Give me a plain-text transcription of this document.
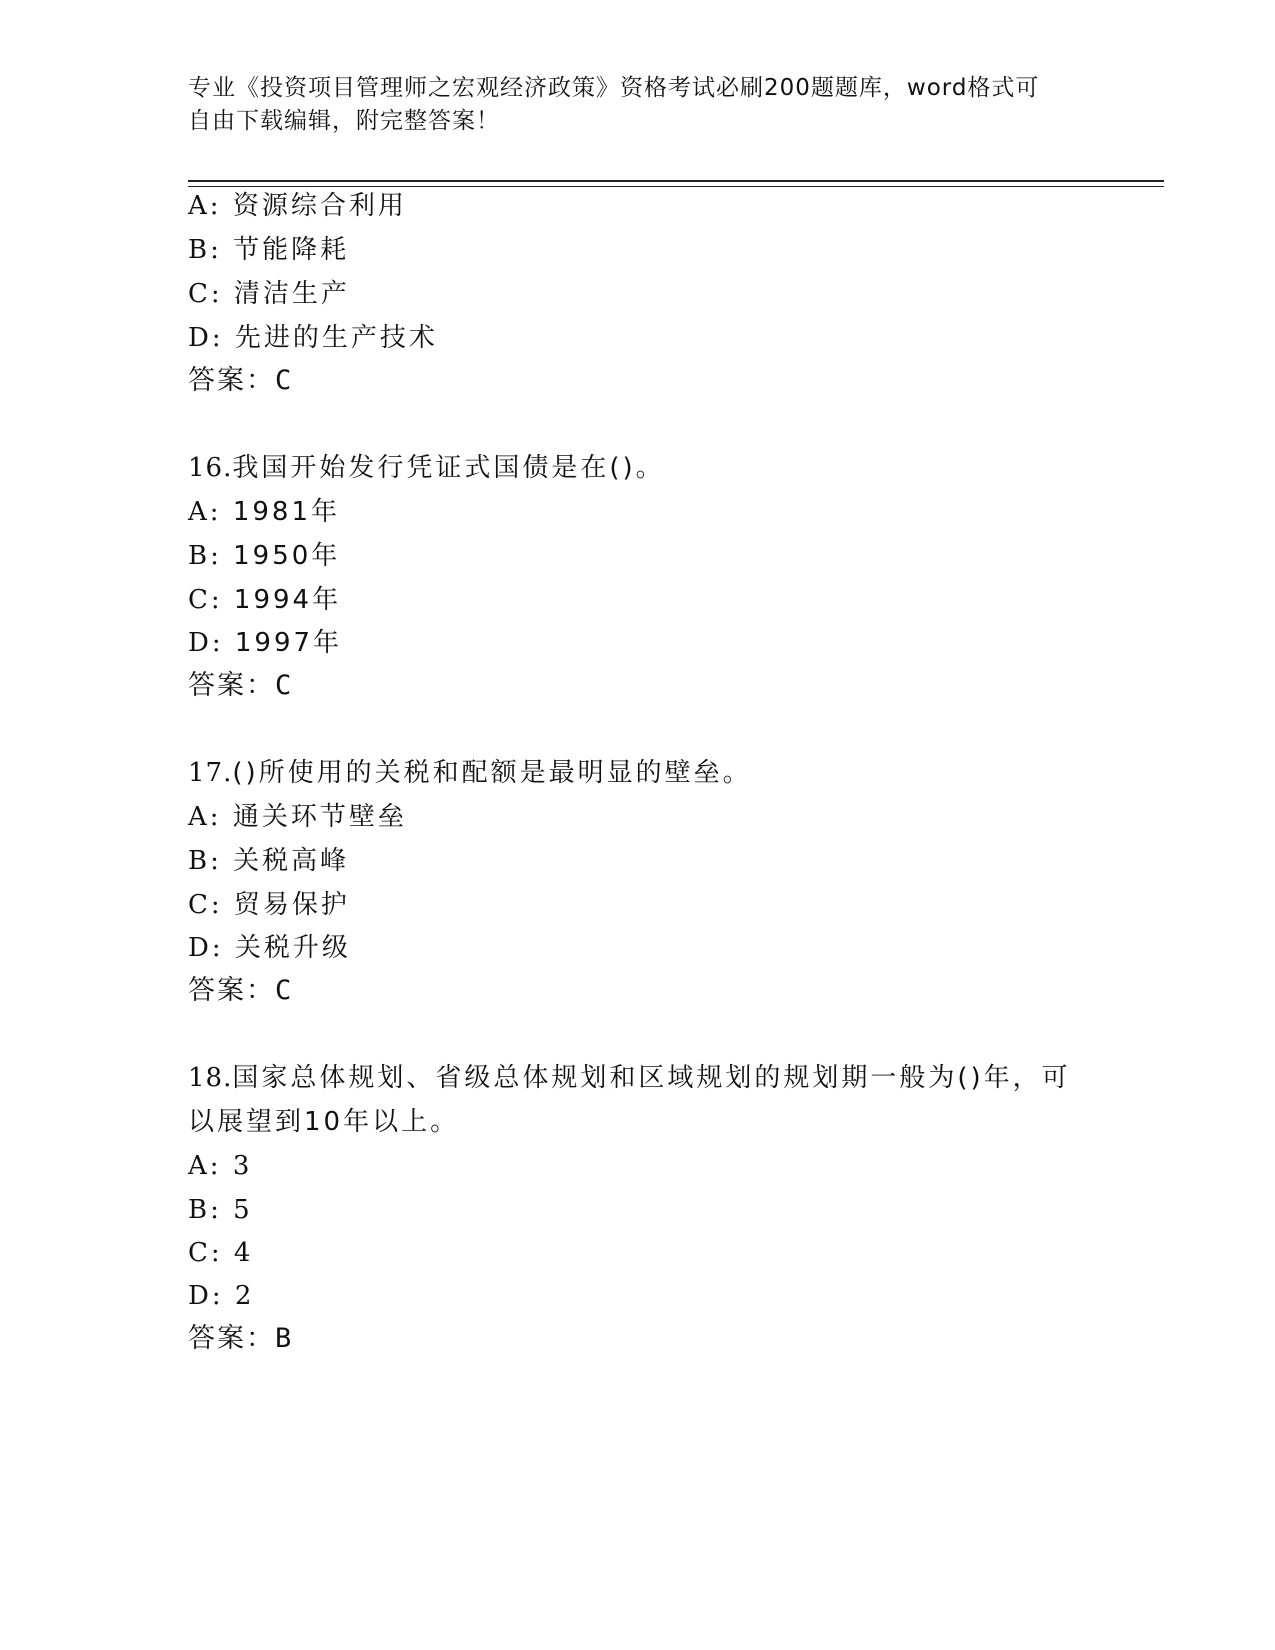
专业《投资项目管理师之宏观经济政策》资格考试必刷200题题库，word格式可
自由下载编辑，附完整答案！
A: 资源综合利用
B: 节能降耗
C: 清洁生产
D: 先进的生产技术
答案：C
16.我国开始发行凭证式国债是在()。
A: 1981年
B: 1950年
C: 1994年
D: 1997年
答案：C
17.()所使用的关税和配额是最明显的壁垒。
A: 通关环节壁垒
B: 关税高峰
C: 贸易保护
D: 关税升级
答案：C
18.国家总体规划、省级总体规划和区域规划的规划期一般为()年，可
以展望到10年以上。
A: 3
B: 5
C: 4
D: 2
答案：B
